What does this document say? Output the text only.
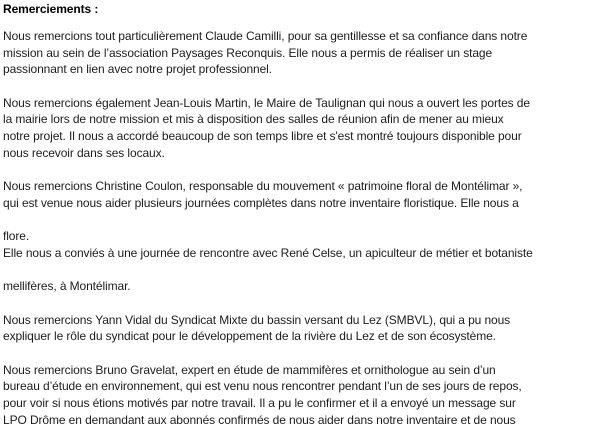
Remerciements :
Nous remercions tout particulièrement Claude Camilli, pour sa gentillesse et sa confiance dans notre
mission au sein de l’association Paysages Reconquis. Elle nous a permis de réaliser un stage
passionnant en lien avec notre projet professionnel.
Nous remercions également Jean-Louis Martin, le Maire de Taulignan qui nous a ouvert les portes de
la mairie lors de notre mission et mis à disposition des salles de réunion afin de mener au mieux
notre projet. Il nous a accordé beaucoup de son temps libre et s'est montré toujours disponible pour
nous recevoir dans ses locaux.
Nous remercions Christine Coulon, responsable du mouvement « patrimoine floral de Montélimar »,
qui est venue nous aider plusieurs journées complètes dans notre inventaire floristique. Elle nous a
flore.
Elle nous a conviés à une journée de rencontre avec René Celse, un apiculteur de métier et botaniste
mellifères, à Montélimar.
Nous remercions Yann Vidal du Syndicat Mixte du bassin versant du Lez (SMBVL), qui a pu nous
expliquer le rôle du syndicat pour le développement de la rivière du Lez et de son écosystème.
Nous remercions Bruno Gravelat, expert en étude de mammifères et ornithologue au sein d’un
bureau d’étude en environnement, qui est venu nous rencontrer pendant l’un de ses jours de repos,
pour voir si nous étions motivés par notre travail. Il a pu le confirmer et il a envoyé un message sur
LPO Drôme en demandant aux abonnés confirmés de nous aider dans notre inventaire et de nous
